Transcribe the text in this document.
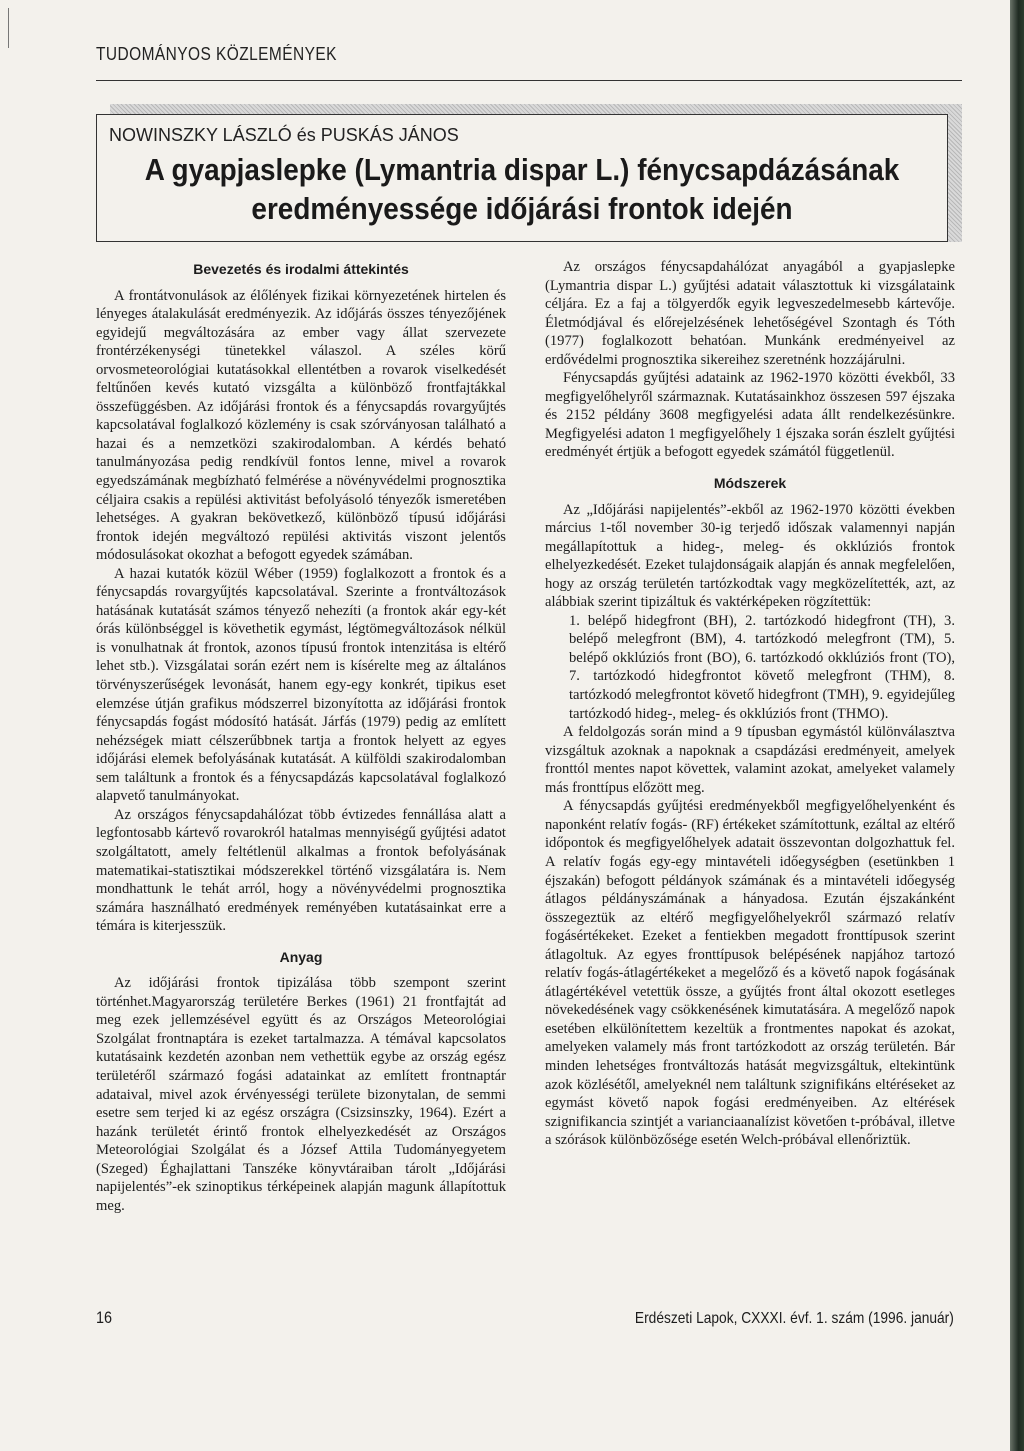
TUDOMÁNYOS KÖZLEMÉNYEK
NOWINSZKY LÁSZLÓ és PUSKÁS JÁNOS
A gyapjaslepke (Lymantria dispar L.) fénycsapdázásának
eredményessége időjárási frontok idején
Bevezetés és irodalmi áttekintés

A frontátvonulások az élőlények fizikai környezetének hirtelen és lényeges átalakulását eredményezik. Az időjárás összes tényezőjének egyidejű megváltozására az ember vagy állat szervezete frontérzékenységi tünetekkel válaszol. A széles körű orvosmeteorológiai kutatásokkal ellentétben a rovarok viselkedését feltűnően kevés kutató vizsgálta a különböző frontfajtákkal összefüggésben. Az időjárási frontok és a fénycsapdás rovargyűjtés kapcsolatával foglalkozó közlemény is csak szórványosan található a hazai és a nemzetközi szakirodalomban. A kérdés beható tanulmányozása pedig rendkívül fontos lenne, mivel a rovarok egyedszámának megbízható felmérése a növényvédelmi prognosztika céljaira csakis a repülési aktivitást befolyásoló tényezők ismeretében lehetséges. A gyakran bekövetkező, különböző típusú időjárási frontok idején megváltozó repülési aktivitás viszont jelentős módosulásokat okozhat a befogott egyedek számában.

A hazai kutatók közül Wéber (1959) foglalkozott a frontok és a fénycsapdás rovargyűjtés kapcsolatával. Szerinte a frontváltozások hatásának kutatását számos tényező nehezíti (a frontok akár egy-két órás különbséggel is követhetik egymást, légtömegváltozások nélkül is vonulhatnak át frontok, azonos típusú frontok intenzitása is eltérő lehet stb.). Vizsgálatai során ezért nem is kísérelte meg az általános törvényszerűségek levonását, hanem egy-egy konkrét, tipikus eset elemzése útján grafikus módszerrel bizonyította az időjárási frontok fénycsapdás fogást módosító hatását. Járfás (1979) pedig az említett nehézségek miatt célszerűbbnek tartja a frontok helyett az egyes időjárási elemek befolyásának kutatását. A külföldi szakirodalomban sem találtunk a frontok és a fénycsapdázás kapcsolatával foglalkozó alapvető tanulmányokat.

Az országos fénycsapdahálózat több évtizedes fennállása alatt a legfontosabb kártevő rovarokról hatalmas mennyiségű gyűjtési adatot szolgáltatott, amely feltétlenül alkalmas a frontok befolyásának matematikai-statisztikai módszerekkel történő vizsgálatára is. Nem mondhattunk le tehát arról, hogy a növényvédelmi prognosztika számára használható eredmények reményében kutatásainkat erre a témára is kiterjesszük.

Anyag

Az időjárási frontok tipizálása több szempont szerint történhet.Magyarország területére Berkes (1961) 21 frontfajtát ad meg ezek jellemzésével együtt és az Országos Meteorológiai Szolgálat frontnaptára is ezeket tartalmazza. A témával kapcsolatos kutatásaink kezdetén azonban nem vethettük egybe az ország egész területéről származó fogási adatainkat az említett frontnaptár adataival, mivel azok érvényességi területe bizonytalan, de semmi esetre sem terjed ki az egész országra (Csizsinszky, 1964). Ezért a hazánk területét érintő frontok elhelyezkedését az Országos Meteorológiai Szolgálat és a József Attila Tudományegyetem (Szeged) Éghajlattani Tanszéke könyvtáraiban tárolt „Időjárási napijelentés”-ek szinoptikus térképeinek alapján magunk állapítottuk meg.

Az országos fénycsapdahálózat anyagából a gyapjaslepke (Lymantria dispar L.) gyűjtési adatait választottuk ki vizsgálataink céljára. Ez a faj a tölgyerdők egyik legveszedelmesebb kártevője. Életmódjával és előrejelzésének lehetőségével Szontagh és Tóth (1977) foglalkozott behatóan. Munkánk eredményeivel az erdővédelmi prognosztika sikereihez szeretnénk hozzájárulni.

Fénycsapdás gyűjtési adataink az 1962-1970 közötti évekből, 33 megfigyelőhelyről származnak. Kutatásainkhoz összesen 597 éjszaka és 2152 példány 3608 megfigyelési adata állt rendelkezésünkre. Megfigyelési adaton 1 megfigyelőhely 1 éjszaka során észlelt gyűjtési eredményét értjük a befogott egyedek számától függetlenül.

Módszerek

Az „Időjárási napijelentés”-ekből az 1962-1970 közötti években március 1-től november 30-ig terjedő időszak valamennyi napján megállapítottuk a hideg-, meleg- és okklúziós frontok elhelyezkedését. Ezeket tulajdonságaik alapján és annak megfelelően, hogy az ország területén tartózkodtak vagy megközelítették, azt, az alábbiak szerint tipizáltuk és vaktérképeken rögzítettük:

1. belépő hidegfront (BH), 2. tartózkodó hidegfront (TH), 3. belépő melegfront (BM), 4. tartózkodó melegfront (TM), 5. belépő okklúziós front (BO), 6. tartózkodó okklúziós front (TO), 7. tartózkodó hidegfrontot követő melegfront (THM), 8. tartózkodó melegfrontot követő hidegfront (TMH), 9. egyidejűleg tartózkodó hideg-, meleg- és okklúziós front (THMO).

A feldolgozás során mind a 9 típusban egymástól különválasztva vizsgáltuk azoknak a napoknak a csapdázási eredményeit, amelyek fronttól mentes napot követtek, valamint azokat, amelyeket valamely más fronttípus előzött meg.

A fénycsapdás gyűjtési eredményekből megfigyelőhelyenként és naponként relatív fogás- (RF) értékeket számítottunk, ezáltal az eltérő időpontok és megfigyelőhelyek adatait összevontan dolgozhattuk fel. A relatív fogás egy-egy mintavételi időegységben (esetünkben 1 éjszakán) befogott példányok számának és a mintavételi időegység átlagos példányszámának a hányadosa. Ezután éjszakánként összegeztük az eltérő megfigyelőhelyekről származó relatív fogásértékeket. Ezeket a fentiekben megadott fronttípusok szerint átlagoltuk. Az egyes fronttípusok belépésének napjához tartozó relatív fogás-átlagértékeket a megelőző és a követő napok fogásának átlagértékével vetettük össze, a gyűjtés front által okozott esetleges növekedésének vagy csökkenésének kimutatására. A megelőző napok esetében elkülönítettem kezeltük a frontmentes napokat és azokat, amelyeken valamely más front tartózkodott az ország területén. Bár minden lehetséges frontváltozás hatását megvizsgáltuk, eltekintünk azok közlésétől, amelyeknél nem találtunk szignifikáns eltéréseket az egymást követő napok fogási eredményeiben. Az eltérések szignifikancia szintjét a varianciaanalízist követően t-próbával, illetve a szórások különbözősége esetén Welch-próbával ellenőriztük.

16	Erdészeti Lapok, CXXXI. évf. 1. szám (1996. január)
